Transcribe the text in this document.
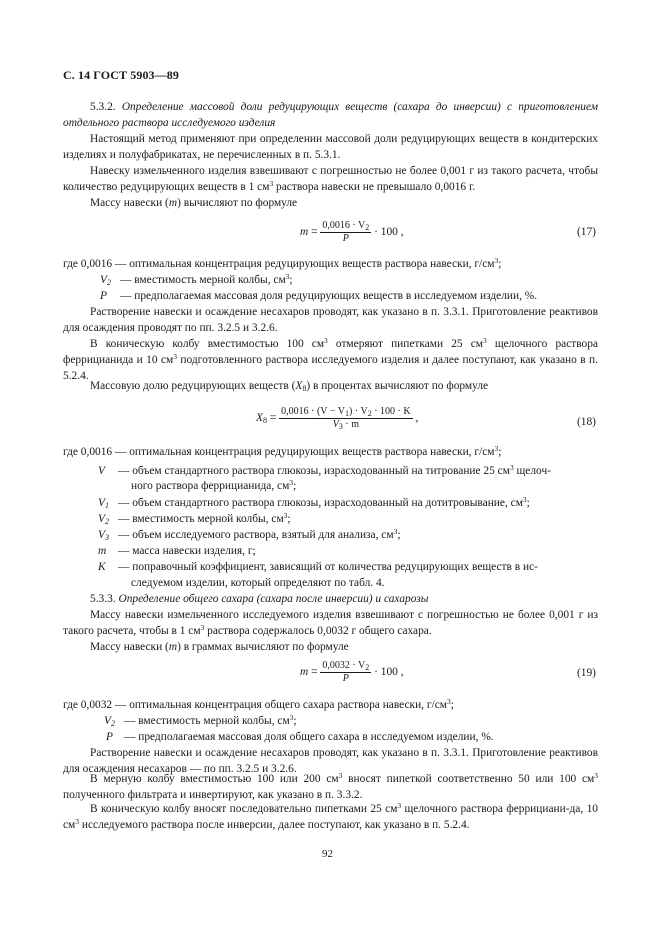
С. 14 ГОСТ 5903—89
5.3.2. Определение массовой доли редуцирующих веществ (сахара до инверсии) с приготовлением отдельного раствора исследуемого изделия
Настоящий метод применяют при определении массовой доли редуцирующих веществ в кондитерских изделиях и полуфабрикатах, не перечисленных в п. 5.3.1.
Навеску измельченного изделия взвешивают с погрешностью не более 0,001 г из такого расчета, чтобы количество редуцирующих веществ в 1 $см^3$ раствора навески не превышало 0,0016 г.
Массу навески (m) вычисляют по формуле
$m = \frac{0,0016 \cdot V_2}{P} \cdot 100$ ,	(17)
где 0,0016 — оптимальная концентрация редуцирующих веществ раствора навески, $г/см^3$;
$V_2$ — вместимость мерной колбы, $см^3$;
P — предполагаемая массовая доля редуцирующих веществ в исследуемом изделии, %.
Растворение навески и осаждение несахаров проводят, как указано в п. 3.3.1. Приготовление реактивов для осаждения проводят по пп. 3.2.5 и 3.2.6.
В коническую колбу вместимостью 100 $см^3$ отмеряют пипетками 25 $см^3$ щелочного раствора феррицианида и 10 $см^3$ подготовленного раствора исследуемого изделия и далее поступают, как указано в п. 5.2.4.
Массовую долю редуцирующих веществ $(X_8)$ в процентах вычисляют по формуле
$X_8 = \frac{0,0016 \cdot (V - V_1) \cdot V_2 \cdot 100 \cdot K}{V_3 \cdot m}$ ,	(18)
где 0,0016 — оптимальная концентрация редуцирующих веществ раствора навески, $г/см^3$;
V — объем стандартного раствора глюкозы, израсходованный на титрование 25 $см^3$ щелоч-
ного раствора феррицианида, $см^3$;
$V_1$ — объем стандартного раствора глюкозы, израсходованный на дотитровывание, $см^3$;
$V_2$ — вместимость мерной колбы, $см^3$;
$V_3$ — объем исследуемого раствора, взятый для анализа, $см^3$;
m — масса навески изделия, г;
K — поправочный коэффициент, зависящий от количества редуцирующих веществ в ис-
следуемом изделии, который определяют по табл. 4.
5.3.3. Определение общего сахара (сахара после инверсии) и сахарозы
Массу навески измельченного исследуемого изделия взвешивают с погрешностью не более 0,001 г из такого расчета, чтобы в 1 $см^3$ раствора содержалось 0,0032 г общего сахара.
Массу навески (m) в граммах вычисляют по формуле
$m = \frac{0,0032 \cdot V_2}{P} \cdot 100$ ,	(19)
где 0,0032 — оптимальная концентрация общего сахара раствора навески, $г/см^3$;
$V_2$ — вместимость мерной колбы, $см^3$;
P — предполагаемая массовая доля общего сахара в исследуемом изделии, %.
Растворение навески и осаждение несахаров проводят, как указано в п. 3.3.1. Приготовление реактивов для осаждения несахаров — по пп. 3.2.5 и 3.2.6.
В мерную колбу вместимостью 100 или 200 $см^3$ вносят пипеткой соответственно 50 или 100 $см^3$ полученного фильтрата и инвертируют, как указано в п. 3.3.2.
В коническую колбу вносят последовательно пипетками 25 $см^3$ щелочного раствора феррициани-да, 10 $см^3$ исследуемого раствора после инверсии, далее поступают, как указано в п. 5.2.4.
92
